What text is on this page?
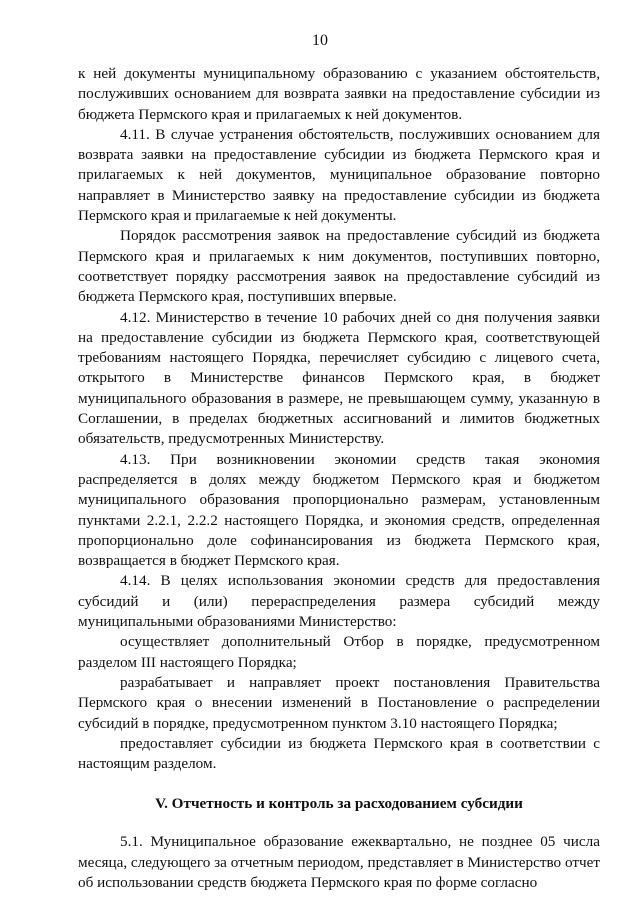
10

к ней документы муниципальному образованию с указанием обстоятельств, послуживших основанием для возврата заявки на предоставление субсидии из бюджета Пермского края и прилагаемых к ней документов.

4.11. В случае устранения обстоятельств, послуживших основанием для возврата заявки на предоставление субсидии из бюджета Пермского края и прилагаемых к ней документов, муниципальное образование повторно направляет в Министерство заявку на предоставление субсидии из бюджета Пермского края и прилагаемые к ней документы.

Порядок рассмотрения заявок на предоставление субсидий из бюджета Пермского края и прилагаемых к ним документов, поступивших повторно, соответствует порядку рассмотрения заявок на предоставление субсидий из бюджета Пермского края, поступивших впервые.

4.12. Министерство в течение 10 рабочих дней со дня получения заявки на предоставление субсидии из бюджета Пермского края, соответствующей требованиям настоящего Порядка, перечисляет субсидию с лицевого счета, открытого в Министерстве финансов Пермского края, в бюджет муниципального образования в размере, не превышающем сумму, указанную в Соглашении, в пределах бюджетных ассигнований и лимитов бюджетных обязательств, предусмотренных Министерству.

4.13. При возникновении экономии средств такая экономия распределяется в долях между бюджетом Пермского края и бюджетом муниципального образования пропорционально размерам, установленным пунктами 2.2.1, 2.2.2 настоящего Порядка, и экономия средств, определенная пропорционально доле софинансирования из бюджета Пермского края, возвращается в бюджет Пермского края.

4.14. В целях использования экономии средств для предоставления субсидий и (или) перераспределения размера субсидий между муниципальными образованиями Министерство:

осуществляет дополнительный Отбор в порядке, предусмотренном разделом III настоящего Порядка;

разрабатывает и направляет проект постановления Правительства Пермского края о внесении изменений в Постановление о распределении субсидий в порядке, предусмотренном пунктом 3.10 настоящего Порядка;

предоставляет субсидии из бюджета Пермского края в соответствии с настоящим разделом.

V. Отчетность и контроль за расходованием субсидии

5.1. Муниципальное образование ежеквартально, не позднее 05 числа месяца, следующего за отчетным периодом, представляет в Министерство отчет об использовании средств бюджета Пермского края по форме согласно
